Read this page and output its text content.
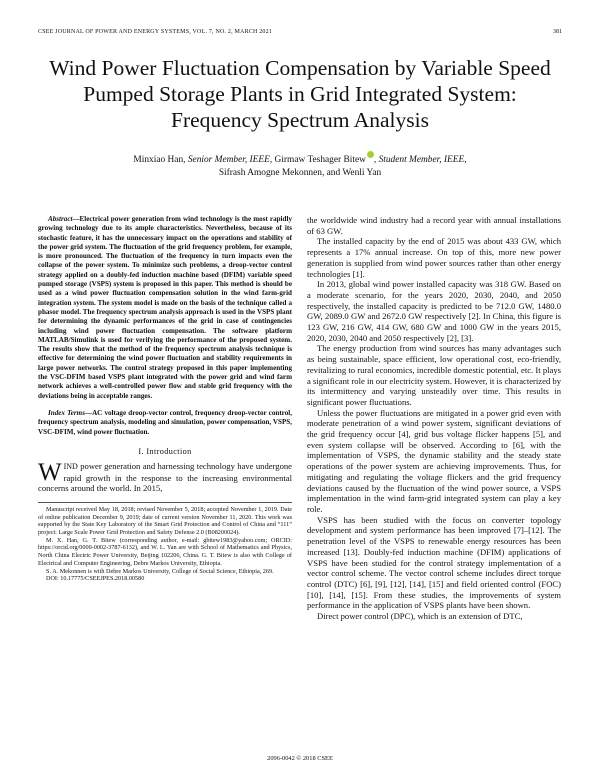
CSEE JOURNAL OF POWER AND ENERGY SYSTEMS, VOL. 7, NO. 2, MARCH 2021	381
Wind Power Fluctuation Compensation by Variable Speed Pumped Storage Plants in Grid Integrated System: Frequency Spectrum Analysis
Minxiao Han, Senior Member, IEEE, Girmaw Teshager Bitew , Student Member, IEEE,
Sifrash Amogne Mekonnen, and Wenli Yan

Abstract—Electrical power generation from wind technology is the most rapidly growing technology due to its ample characteristics. Nevertheless, because of its stochastic feature, it has the unnecessary impact on the operations and stability of the power grid system. The fluctuation of the grid frequency problem, for example, is more pronounced. The fluctuation of the frequency in turn impacts even the collapse of the power system. To minimize such problems, a droop-vector control strategy applied on a doubly-fed induction machine based (DFIM) variable speed pumped storage (VSPS) system is proposed in this paper. This method is should be used as a wind power fluctuation compensation solution in the wind farm-grid integration system. The system model is made on the basis of the technique called a phasor model. The frequency spectrum analysis approach is used in the VSPS plant for determining the dynamic performances of the grid in case of contingencies including wind power fluctuation compensation. The software platform MATLAB/Simulink is used for verifying the performance of the proposed system. The results show that the method of the frequency spectrum analysis technique is effective for determining the wind power fluctuation and stability requirements in large power networks. The control strategy proposed in this paper implementing the VSC-DFIM based VSPS plant integrated with the power grid and wind farm network achieves a well-controlled power flow and stable grid frequency with the deviations being in acceptable ranges.

Index Terms—AC voltage droop-vector control, frequency droop-vector control, frequency spectrum analysis, modeling and simulation, power compensation, VSPS, VSC-DFIM, wind power fluctuation.

I. Introduction

WIND power generation and harnessing technology have undergone rapid growth in the response to the increasing environmental concerns around the world. In 2015,

Manuscript received May 18, 2018; revised November 5, 2018; accepted November 1, 2019. Date of online publication December 9, 2019; date of current version November 11, 2020. This work was supported by the State Key Laboratory of the Smart Grid Protection and Control of China and “111” project: Large Scale Power Grid Protection and Safety Defense 2.0 (B08200024).

M. X. Han, G. T. Bitew (corresponding author, e-mail: gbitew1983@yahoo.com; ORCID: https://orcid.org/0000-0002-3787-6132), and W. L. Yan are with School of Mathematics and Physics, North China Electric Power University, Beijing 102206, China. G. T. Bitew is also with College of Electrical and Computer Engineering, Debre Markos University, Ethiopia.

S. A. Mekonnen is with Debre Markos University, College of Social Science, Ethiopia, 269.

DOI: 10.17775/CSEEJPES.2018.00580

the worldwide wind industry had a record year with annual installations of 63 GW.

The installed capacity by the end of 2015 was about 433 GW, which represents a 17% annual increase. On top of this, more new power generation is supplied from wind power sources rather than other energy technologies [1].

In 2013, global wind power installed capacity was 318 GW. Based on a moderate scenario, for the years 2020, 2030, 2040, and 2050 respectively, the installed capacity is predicted to be 712.0 GW, 1480.0 GW, 2089.0 GW and 2672.0 GW respectively [2]. In China, this figure is 123 GW, 216 GW, 414 GW, 680 GW and 1000 GW in the years 2015, 2020, 2030, 2040 and 2050 respectively [2], [3].

The energy production from wind sources has many advantages such as being sustainable, space efficient, low operational cost, eco-friendly, revitalizing to rural economics, incredible domestic potential, etc. It plays a significant role in our electricity system. However, it is characterized by its intermittency and varying unsteadily over time. This results in significant power fluctuations.

Unless the power fluctuations are mitigated in a power grid even with moderate penetration of a wind power system, significant deviations of the grid frequency occur [4], grid bus voltage flicker happens [5], and even system collapse will be observed. According to [6], with the implementation of VSPS, the dynamic stability and the steady state operations of the power system are achieving improvements. Thus, for mitigating and regulating the voltage flickers and the grid frequency deviations caused by the fluctuation of the wind power source, a VSPS implementation in the wind farm-grid integrated system can play a key role.

VSPS has been studied with the focus on converter topology development and system performance has been improved [7]–[12]. The penetration level of the VSPS to renewable energy resources has been increased [13]. Doubly-fed induction machine (DFIM) applications of VSPS have been studied for the control strategy implementation of a vector control scheme. The vector control scheme includes direct torque control (DTC) [6], [9], [12], [14], [15] and field oriented control (FOC) [10], [14], [15]. From these studies, the improvements of system performance in the application of VSPS plants have been shown.

Direct power control (DPC), which is an extension of DTC,

2096-0042 © 2018 CSEE
